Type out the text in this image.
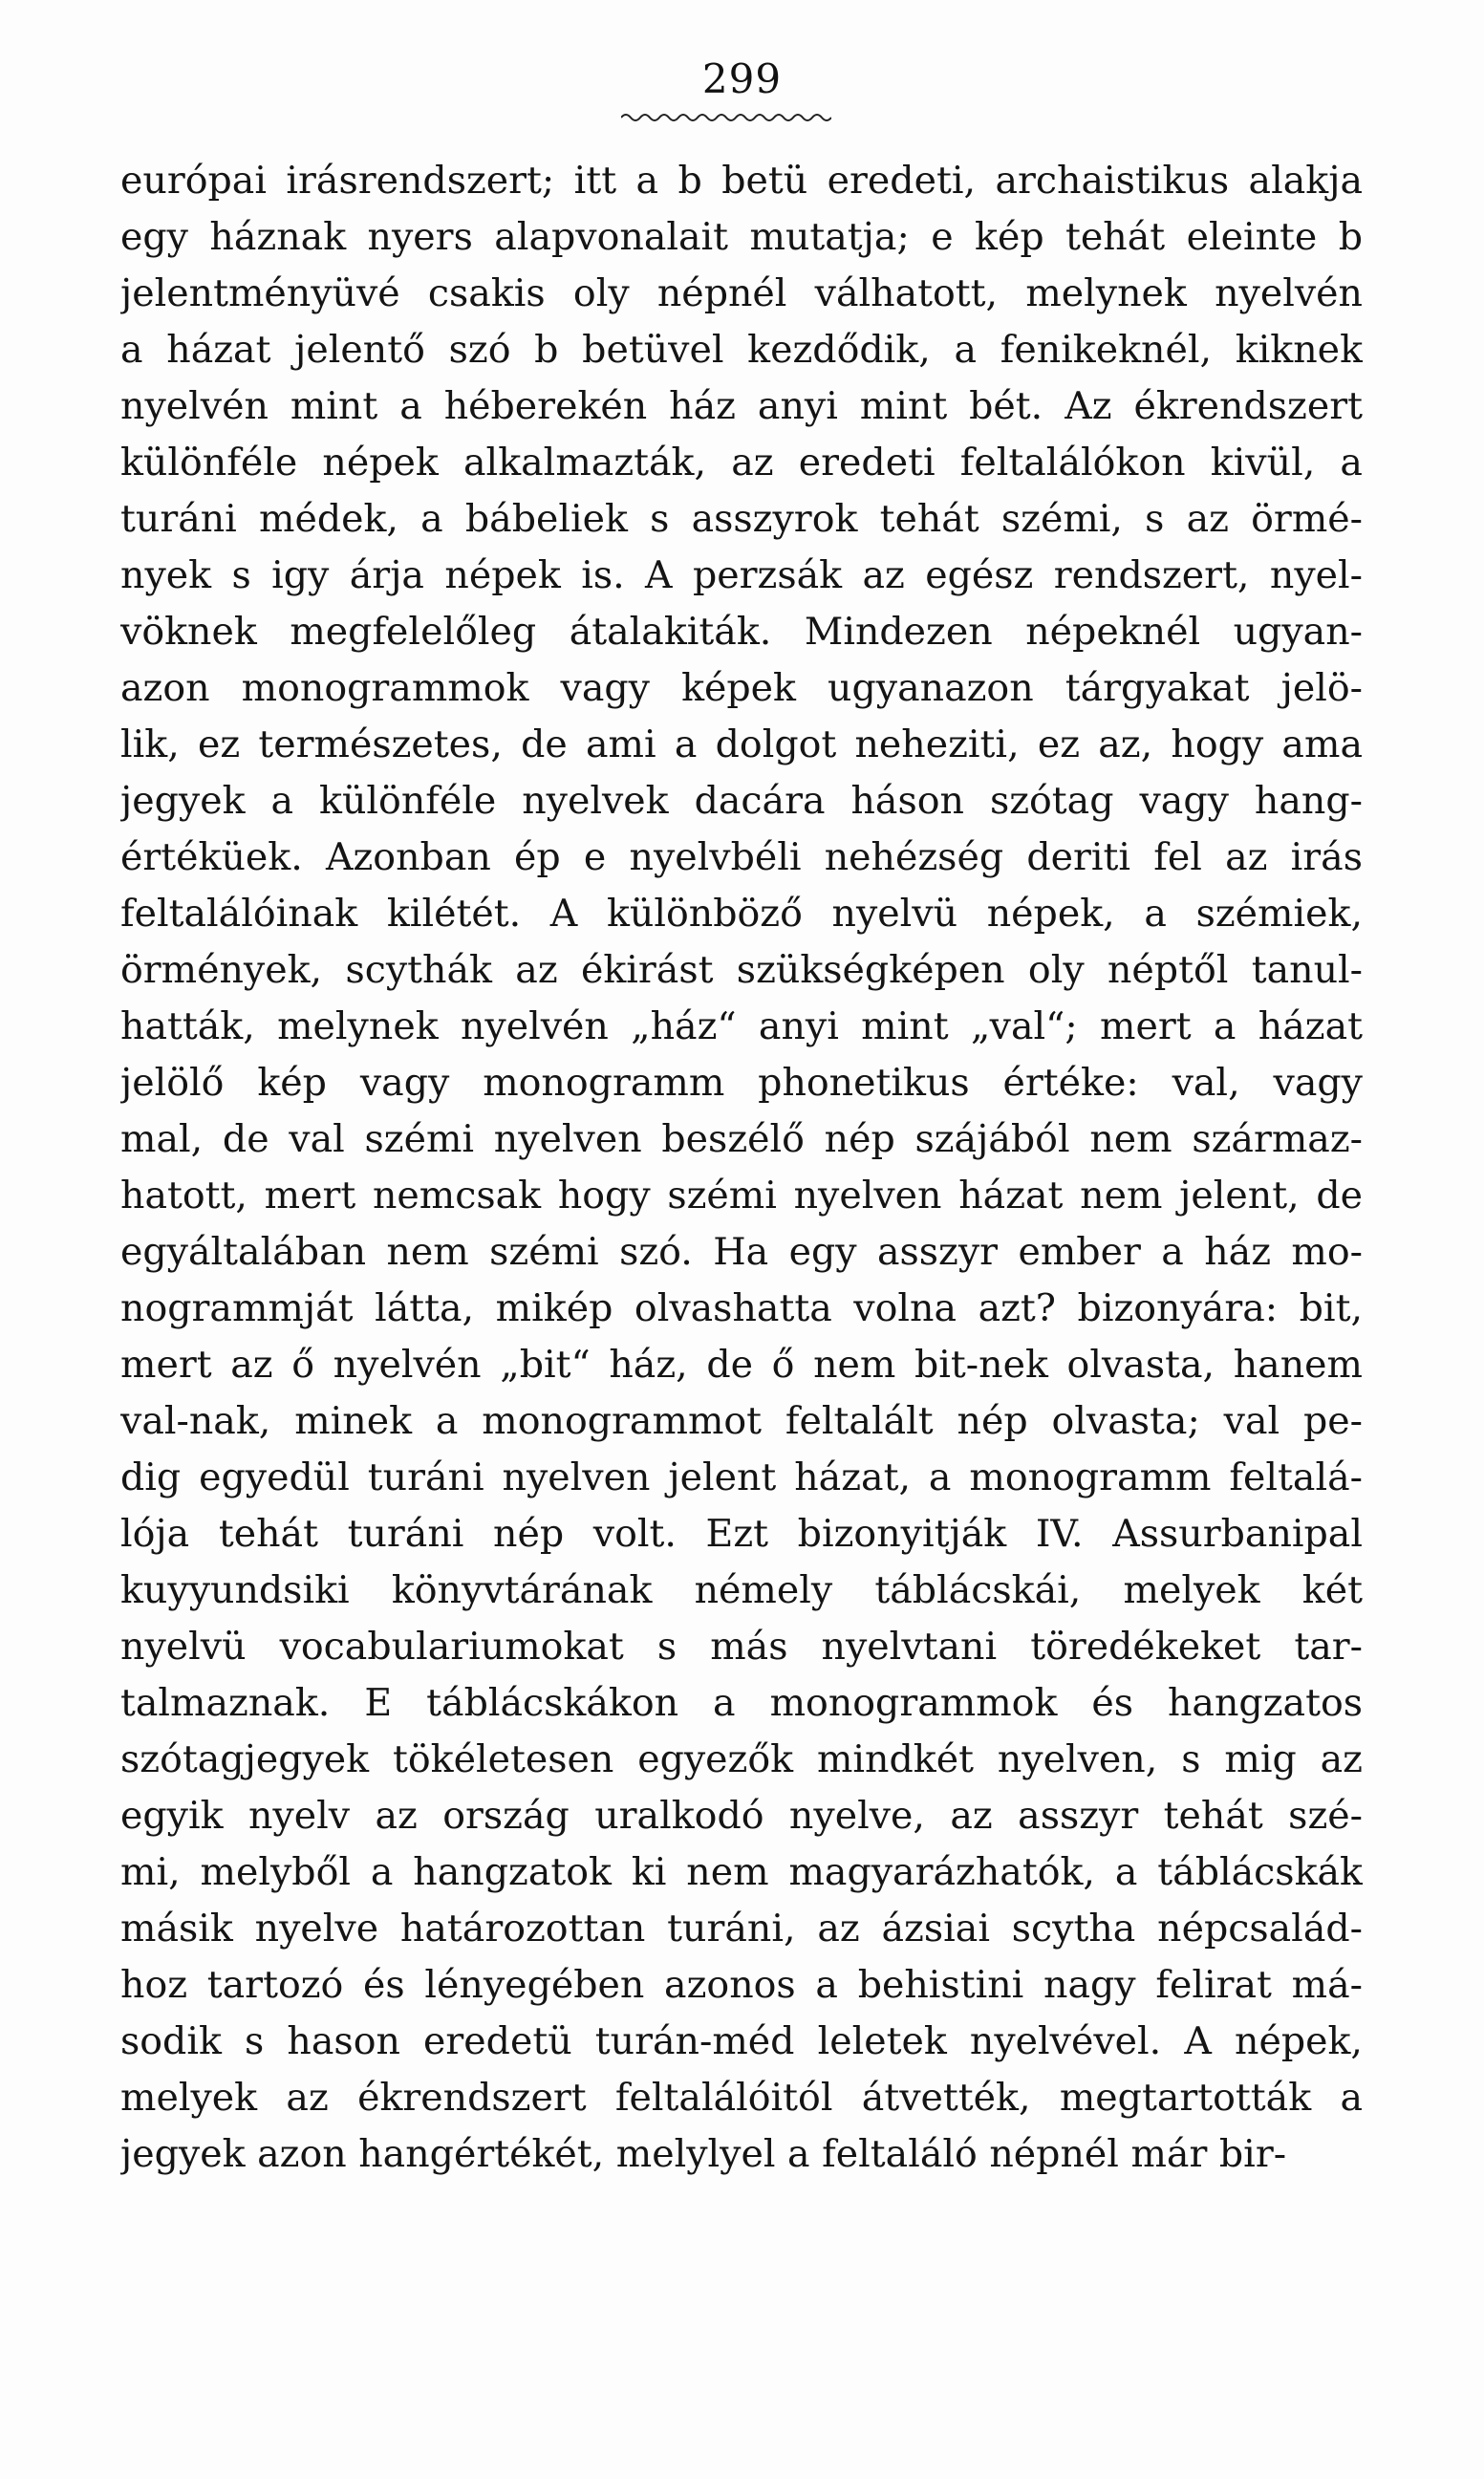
299
európai irásrendszert; itt a b betü eredeti, archaistikus alakja
egy háznak nyers alapvonalait mutatja; e kép tehát eleinte b
jelentményüvé csakis oly népnél válhatott, melynek nyelvén
a házat jelentő szó b betüvel kezdődik, a fenikeknél, kiknek
nyelvén mint a héberekén ház anyi mint bét. Az ékrendszert
különféle népek alkalmazták, az eredeti feltalálókon kivül, a
turáni médek, a bábeliek s asszyrok tehát szémi, s az örmé-
nyek s igy árja népek is. A perzsák az egész rendszert, nyel-
vöknek megfelelőleg átalakiták. Mindezen népeknél ugyan-
azon monogrammok vagy képek ugyanazon tárgyakat jelö-
lik, ez természetes, de ami a dolgot neheziti, ez az, hogy ama
jegyek a különféle nyelvek dacára háson szótag vagy hang-
értéküek. Azonban ép e nyelvbéli nehézség deriti fel az irás
feltalálóinak kilétét. A különböző nyelvü népek, a szémiek,
örmények, scythák az ékirást szükségképen oly néptől tanul-
hatták, melynek nyelvén „ház“ anyi mint „val“; mert a házat
jelölő kép vagy monogramm phonetikus értéke: val, vagy
mal, de val szémi nyelven beszélő nép szájából nem származ-
hatott, mert nemcsak hogy szémi nyelven házat nem jelent, de
egyáltalában nem szémi szó. Ha egy asszyr ember a ház mo-
nogrammját látta, mikép olvashatta volna azt? bizonyára: bit,
mert az ő nyelvén „bit“ ház, de ő nem bit-nek olvasta, hanem
val-nak, minek a monogrammot feltalált nép olvasta; val pe-
dig egyedül turáni nyelven jelent házat, a monogramm feltalá-
lója tehát turáni nép volt. Ezt bizonyitják IV. Assurbanipal
kuyyundsiki könyvtárának némely táblácskái, melyek két
nyelvü vocabulariumokat s más nyelvtani töredékeket tar-
talmaznak. E táblácskákon a monogrammok és hangzatos
szótagjegyek tökéletesen egyezők mindkét nyelven, s mig az
egyik nyelv az ország uralkodó nyelve, az asszyr tehát szé-
mi, melyből a hangzatok ki nem magyarázhatók, a táblácskák
másik nyelve határozottan turáni, az ázsiai scytha népcsalád-
hoz tartozó és lényegében azonos a behistini nagy felirat má-
sodik s hason eredetü turán-méd leletek nyelvével. A népek,
melyek az ékrendszert feltalálóitól átvették, megtartották a
jegyek azon hangértékét, melylyel a feltaláló népnél már bir-
